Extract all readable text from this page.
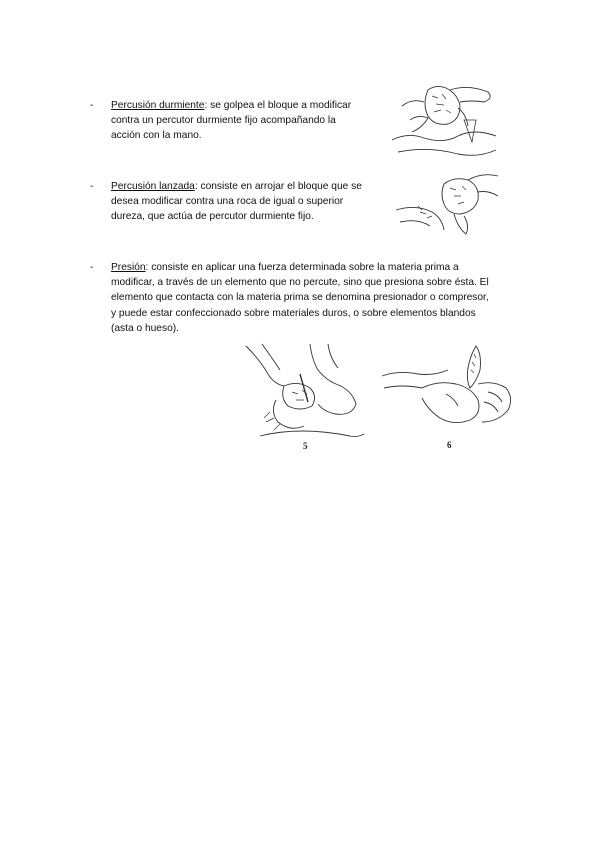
- Percusión durmiente: se golpea el bloque a modificar
contra un percutor durmiente fijo acompañando la
acción con la mano.
- Percusión lanzada: consiste en arrojar el bloque que se
desea modificar contra una roca de igual o superior
dureza, que actúa de percutor durmiente fijo.
- Presión: consiste en aplicar una fuerza determinada sobre la materia prima a
modificar, a través de un elemento que no percute, sino que presiona sobre ésta. El
elemento que contacta con la materia prima se denomina presionador o compresor,
y puede estar confeccionado sobre materiales duros, o sobre elementos blandos
(asta o hueso).
5	6
